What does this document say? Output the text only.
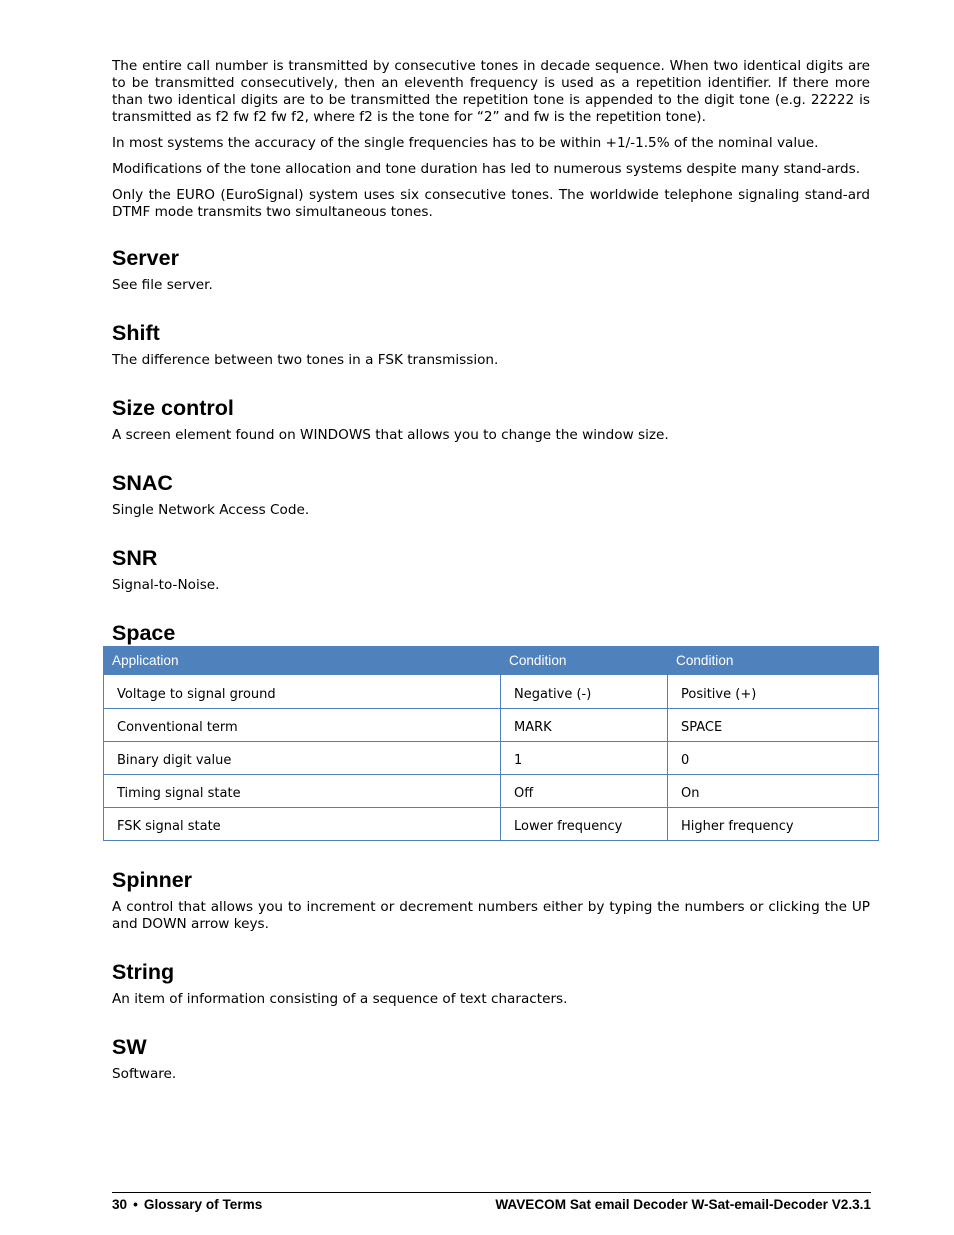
The entire call number is transmitted by consecutive tones in decade sequence. When two identical digits are to be transmitted consecutively, then an eleventh frequency is used as a repetition identifier. If there more than two identical digits are to be transmitted the repetition tone is appended to the digit tone (e.g. 22222 is transmitted as f2 fw f2 fw f2, where f2 is the tone for “2” and fw is the repetition tone).

In most systems the accuracy of the single frequencies has to be within +1/-1.5% of the nominal value.

Modifications of the tone allocation and tone duration has led to numerous systems despite many stand-ards.

Only the EURO (EuroSignal) system uses six consecutive tones. The worldwide telephone signaling stand-ard DTMF mode transmits two simultaneous tones.

Server

See file server.

Shift

The difference between two tones in a FSK transmission.

Size control

A screen element found on WINDOWS that allows you to change the window size.

SNAC

Single Network Access Code.

SNR

Signal-to-Noise.

Space
Application	Condition	Condition
Voltage to signal ground	Negative (-)	Positive (+)
Conventional term	MARK	SPACE
Binary digit value	1	0
Timing signal state	Off	On
FSK signal state	Lower frequency	Higher frequency
Spinner

A control that allows you to increment or decrement numbers either by typing the numbers or clicking the UP and DOWN arrow keys.

String

An item of information consisting of a sequence of text characters.

SW

Software.

30 • Glossary of Terms	WAVECOM Sat email Decoder W-Sat-email-Decoder V2.3.1
